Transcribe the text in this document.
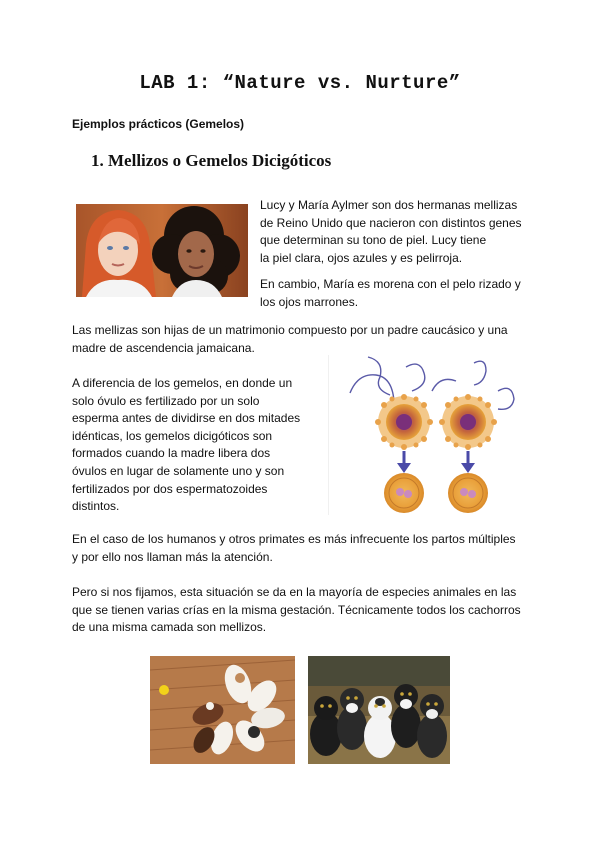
LAB 1: “Nature vs. Nurture”
Ejemplos prácticos (Gemelos)
1. Mellizos o Gemelos Dicigóticos
Lucy y María Aylmer son dos hermanas mellizas
de Reino Unido que nacieron con distintos genes
que determinan su tono de piel. Lucy tiene
la piel clara, ojos azules y es pelirroja.
En cambio, María es morena con el pelo rizado y
los ojos marrones.
Las mellizas son hijas de un matrimonio compuesto por un padre caucásico y una
madre de ascendencia jamaicana.
A diferencia de los gemelos, en donde un
solo óvulo es fertilizado por un solo
esperma antes de dividirse en dos mitades
idénticas, los gemelos dicigóticos son
formados cuando la madre libera dos
óvulos en lugar de solamente uno y son
fertilizados por dos espermatozoides
distintos.
En el caso de los humanos y otros primates es más infrecuente los partos múltiples
y por ello nos llaman más la atención.
Pero si nos fijamos, esta situación se da en la mayoría de especies animales en las
que se tienen varias crías en la misma gestación. Técnicamente todos los cachorros
de una misma camada son mellizos.
